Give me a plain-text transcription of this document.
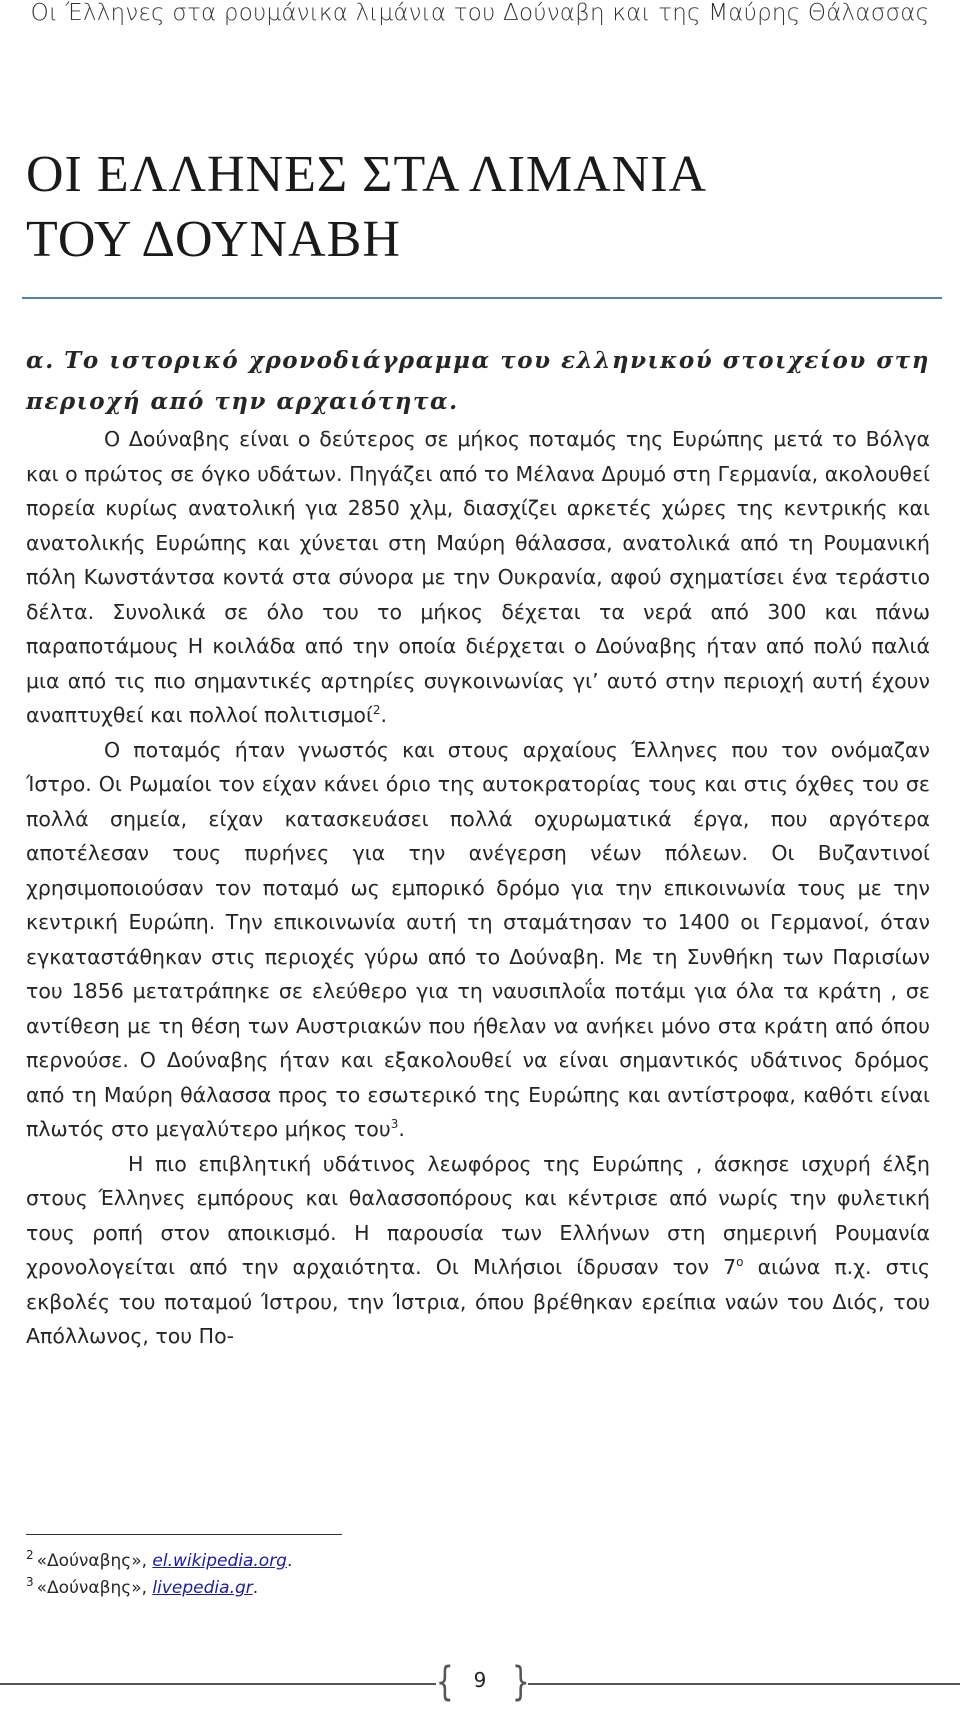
Οι Έλληνες στα ρουμάνικα λιμάνια του Δούναβη και της Μαύρης Θάλασσας
ΟΙ ΕΛΛΗΝΕΣ ΣΤΑ ΛΙΜΑΝΙΑ
ΤΟΥ ΔΟΥΝΑΒΗ

α. Το ιστορικό χρονοδιάγραμμα του ελληνικού στοιχείου στη περιοχή από την αρχαιότητα.

Ο Δούναβης είναι ο δεύτερος σε μήκος ποταμός της Ευρώπης μετά το Βόλγα και ο πρώτος σε όγκο υδάτων. Πηγάζει από το Μέλανα Δρυμό στη Γερμανία, ακολουθεί πορεία κυρίως ανατολική για 2850 χλμ, διασχίζει αρκετές χώρες της κεντρικής και ανατολικής Ευρώπης και χύνεται στη Μαύρη θάλασσα, ανατολικά από τη Ρουμανική πόλη Κωνστάντσα κοντά στα σύνορα με την Ουκρανία, αφού σχηματίσει ένα τεράστιο δέλτα. Συνολικά σε όλο του το μήκος δέχεται τα νερά από 300 και πάνω παραποτάμους Η κοιλάδα από την οποία διέρχεται ο Δούναβης ήταν από πολύ παλιά μια από τις πιο σημαντικές αρτηρίες συγκοινωνίας γι’ αυτό στην περιοχή αυτή έχουν αναπτυχθεί και πολλοί πολιτισμοί$^2$.

Ο ποταμός ήταν γνωστός και στους αρχαίους Έλληνες που τον ονόμαζαν Ίστρο. Οι Ρωμαίοι τον είχαν κάνει όριο της αυτοκρατορίας τους και στις όχθες του σε πολλά σημεία, είχαν κατασκευάσει πολλά οχυρωματικά έργα, που αργότερα αποτέλεσαν τους πυρήνες για την ανέγερση νέων πόλεων. Οι Βυζαντινοί χρησιμοποιούσαν τον ποταμό ως εμπορικό δρόμο για την επικοινωνία τους με την κεντρική Ευρώπη. Την επικοινωνία αυτή τη σταμάτησαν το 1400 οι Γερμανοί, όταν εγκαταστάθηκαν στις περιοχές γύρω από το Δούναβη. Με τη Συνθήκη των Παρισίων του 1856 μετατράπηκε σε ελεύθερο για τη ναυσιπλοΐα ποτάμι για όλα τα κράτη , σε αντίθεση με τη θέση των Αυστριακών που ήθελαν να ανήκει μόνο στα κράτη από όπου περνούσε. Ο Δούναβης ήταν και εξακολουθεί να είναι σημαντικός υδάτινος δρόμος από τη Μαύρη θάλασσα προς το εσωτερικό της Ευρώπης και αντίστροφα, καθότι είναι πλωτός στο μεγαλύτερο μήκος του$^3$.

Η πιο επιβλητική υδάτινος λεωφόρος της Ευρώπης , άσκησε ισχυρή έλξη στους Έλληνες εμπόρους και θαλασσοπόρους και κέντρισε από νωρίς την φυλετική τους ροπή στον αποικισμό. Η παρουσία των Ελλήνων στη σημερινή Ρουμανία χρονολογείται από την αρχαιότητα. Οι Μιλήσιοι ίδρυσαν τον $7^o$ αιώνα π.χ. στις εκβολές του ποταμού Ίστρου, την Ίστρια, όπου βρέθηκαν ερείπια ναών του Διός, του Απόλλωνος, του Πο-

$^2$ «Δούναβης», el.wikipedia.org.

$^3$ «Δούναβης», livepedia.gr.

{ 9 }
